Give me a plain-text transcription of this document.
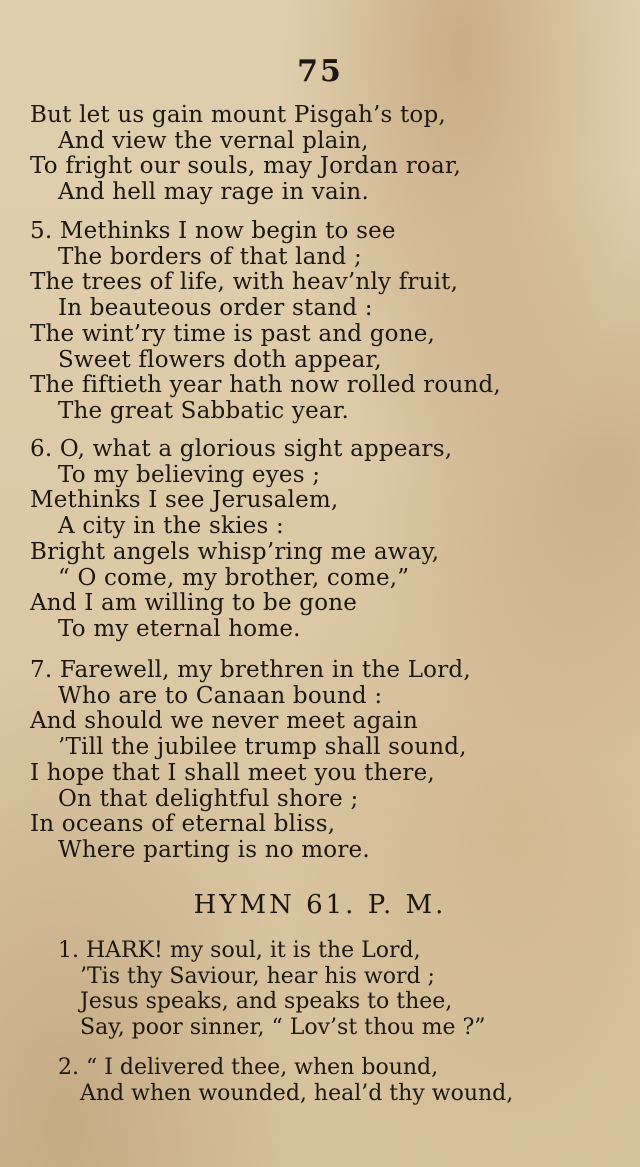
75
But let us gain mount Pisgah’s top,
And view the vernal plain,
To fright our souls, may Jordan roar,
And hell may rage in vain.
5. Methinks I now begin to see
The borders of that land ;
The trees of life, with heav’nly fruit,
In beauteous order stand :
The wint’ry time is past and gone,
Sweet flowers doth appear,
The fiftieth year hath now rolled round,
The great Sabbatic year.
6. O, what a glorious sight appears,
To my believing eyes ;
Methinks I see Jerusalem,
A city in the skies :
Bright angels whisp’ring me away,
“ O come, my brother, come,”
And I am willing to be gone
To my eternal home.
7. Farewell, my brethren in the Lord,
Who are to Canaan bound :
And should we never meet again
’Till the jubilee trump shall sound,
I hope that I shall meet you there,
On that delightful shore ;
In oceans of eternal bliss,
Where parting is no more.
HYMN 61. P. M.
1. HARK! my soul, it is the Lord,
’Tis thy Saviour, hear his word ;
Jesus speaks, and speaks to thee,
Say, poor sinner, “ Lov’st thou me ?”
2. “ I delivered thee, when bound,
And when wounded, heal’d thy wound,
